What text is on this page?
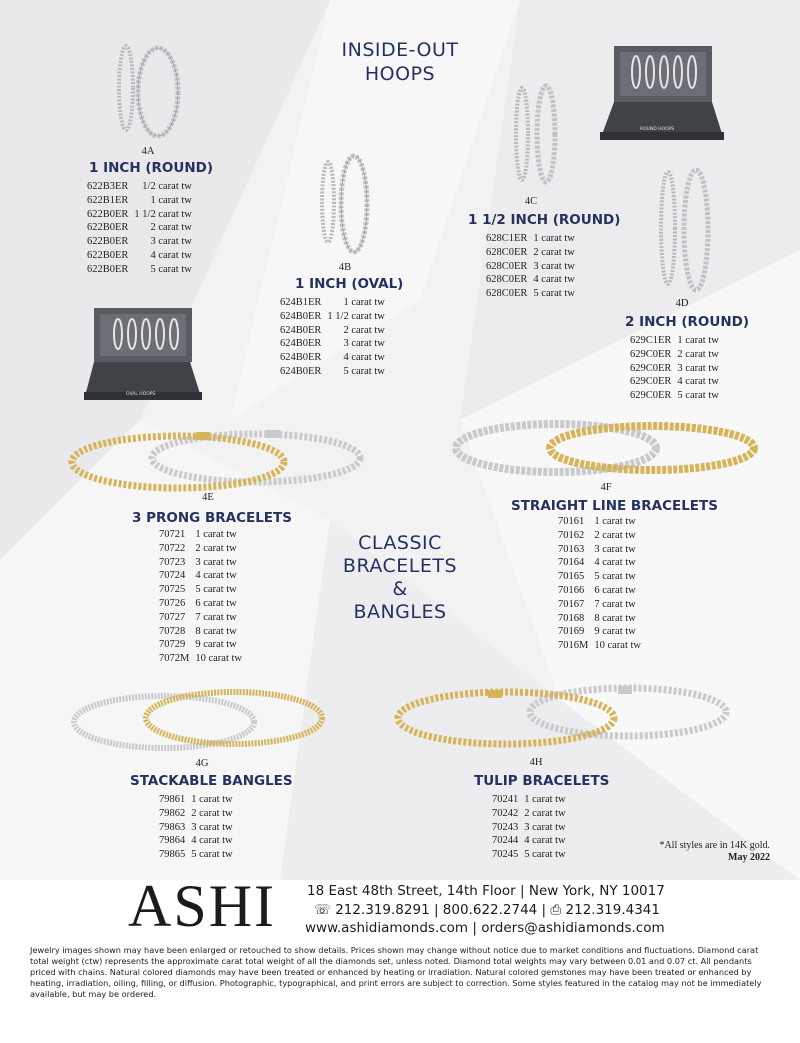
INSIDE-OUT
HOOPS
4A
1 INCH (ROUND)
622B3ER	1/2 carat tw
622B1ER	1 carat tw
622B0ER	1 1/2 carat tw
622B0ER	2 carat tw
622B0ER	3 carat tw
622B0ER	4 carat tw
622B0ER	5 carat tw	4B
1 INCH (OVAL)
624B1ER	1 carat tw
624B0ER	1 1/2 carat tw
624B0ER	2 carat tw
624B0ER	3 carat tw
624B0ER	4 carat tw
624B0ER	5 carat tw
4C
1 1/2 INCH (ROUND)
628C1ER	1 carat tw
628C0ER	2 carat tw
628C0ER	3 carat tw
628C0ER	4 carat tw
628C0ER	5 carat tw
ROUND HOOPS
4D
2 INCH (ROUND)
629C1ER	1 carat tw
629C0ER	2 carat tw
629C0ER	3 carat tw
629C0ER	4 carat tw
629C0ER	5 carat tw
OVAL HOOPS
4E
3 PRONG BRACELETS
70721	1 carat tw
70722	2 carat tw
70723	3 carat tw
70724	4 carat tw
70725	5 carat tw
70726	6 carat tw
70727	7 carat tw
70728	8 carat tw
70729	9 carat tw
7072M	10 carat tw
4F
STRAIGHT LINE BRACELETS
70161	1 carat tw
70162	2 carat tw
70163	3 carat tw
70164	4 carat tw
70165	5 carat tw
70166	6 carat tw
70167	7 carat tw
70168	8 carat tw
70169	9 carat tw
7016M	10 carat tw
CLASSIC
BRACELETS
&
BANGLES
4G
STACKABLE BANGLES
79861	1 carat tw
79862	2 carat tw
79863	3 carat tw
79864	4 carat tw
79865	5 carat tw
4H
TULIP BRACELETS
70241	1 carat tw
70242	2 carat tw
70243	3 carat tw
70244	4 carat tw
70245	5 carat tw
*All styles are in 14K gold.
May 2022
ASHI 18 East 48th Street, 14th Floor | New York, NY 10017
☏ 212.319.8291 | 800.622.2744 | ⎙ 212.319.4341
www.ashidiamonds.com | orders@ashidiamonds.com
Jewelry images shown may have been enlarged or retouched to show details. Prices shown may change without notice due to market conditions and fluctuations. Diamond carat total weight (ctw) represents the approximate carat total weight of all the diamonds set, unless noted. Diamond total weights may vary between 0.01 and 0.07 ct. All pendants priced with chains. Natural colored diamonds may have been treated or enhanced by heating or irradiation. Natural colored gemstones may have been treated or enhanced by heating, irradiation, oiling, filling, or diffusion. Photographic, typographical, and print errors are subject to correction. Some styles featured in the catalog may not be immediately available, but may be ordered.
